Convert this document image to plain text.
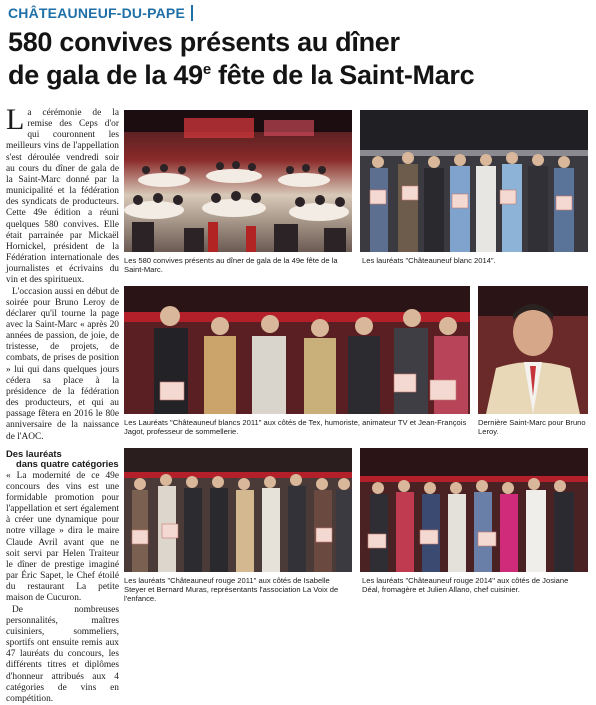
CHÂTEAUNEUF-DU-PAPE
580 convives présents au dîner
de gala de la 49e fête de la Saint-Marc

La cérémonie de la remise des Ceps d'or qui couronnent les meilleurs vins de l'appellation s'est déroulée vendredi soir au cours du dîner de gala de la Saint-Marc donné par la municipalité et la fédération des syndicats de producteurs. Cette 49e édition a réuni quelques 580 convives. Elle était parrainée par Mickaël Hornickel, président de la Fédération internationale des journalistes et écrivains du vin et des spiritueux.

L'occasion aussi en début de soirée pour Bruno Leroy de déclarer qu'il tourne la page avec la Saint-Marc « après 20 années de passion, de joie, de tristesse, de projets, de combats, de prises de position » lui qui dans quelques jours cédera sa place à la présidence de la fédération des producteurs, et qui au passage fêtera en 2016 le 80e anniversaire de la naissance de l'AOC.

Des lauréats
dans quatre catégories

« La modernité de ce 49e concours des vins est une formidable promotion pour l'appellation et sert également à créer une dynamique pour notre village » dira le maire Claude Avril avant que ne soit servi par Helen Traiteur le dîner de prestige imaginé par Éric Sapet, le Chef étoilé du restaurant La petite maison de Cucuron.

De nombreuses personnalités, maîtres cuisiniers, sommeliers, sportifs ont ensuite remis aux 47 lauréats du concours, les différents titres et diplômes d'honneur attribués aux 4 catégories de vins en compétition.

Les 580 convives présents au dîner de gala de la 49e fête de la Saint-Marc.
Les lauréats "Châteauneuf blanc 2014".
Les Lauréats "Châteauneuf blancs 2011" aux côtés de Tex, humoriste, animateur TV et Jean-François Jagot, professeur de sommellerie.
Dernière Saint-Marc pour Bruno Leroy.
Les lauréats "Châteauneuf rouge 2011" aux côtés de Isabelle Steyer et Bernard Muras, représentants l'association La Voix de l'enfance.
Les lauréats "Châteauneuf rouge 2014" aux côtés de Josiane Déal, fromagère et Julien Allano, chef cuisinier.
